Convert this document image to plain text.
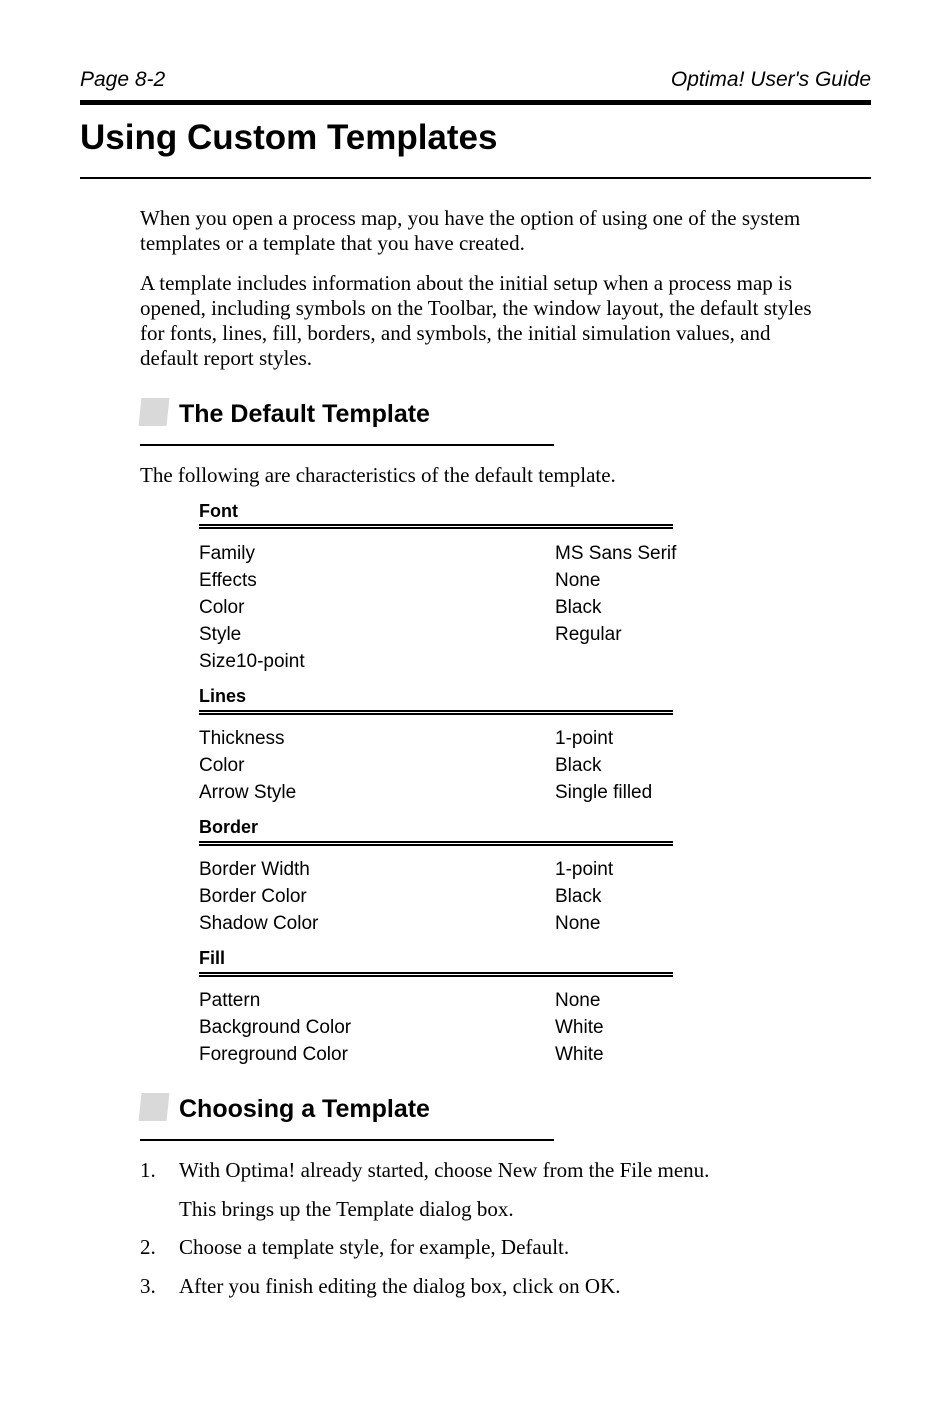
Page 8-2	Optima! User's Guide
Using Custom Templates

When you open a process map, you have the option of using one of the system templates or a template that you have created.

A template includes information about the initial setup when a process map is opened, including symbols on the Toolbar, the window layout, the default styles for fonts, lines, fill, borders, and symbols, the initial simulation values, and default report styles.

The Default Template

The following are characteristics of the default template.

Font
Family	MS Sans Serif
Effects	None
Color	Black
Style	Regular
Size10-point
Lines
Thickness	1-point
Color	Black
Arrow Style	Single filled
Border
Border Width	1-point
Border Color	Black
Shadow Color	None
Fill
Pattern	None
Background Color	White
Foreground Color	White
Choosing a Template
1. With Optima! already started, choose New from the File menu.
This brings up the Template dialog box.
2. Choose a template style, for example, Default.
3. After you finish editing the dialog box, click on OK.
